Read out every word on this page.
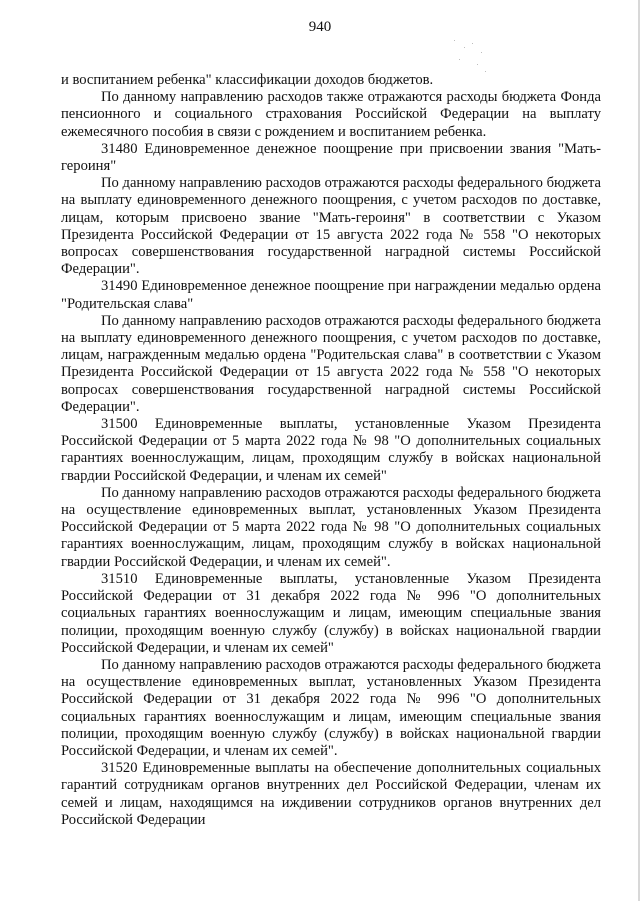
940

и воспитанием ребенка" классификации доходов бюджетов.

По данному направлению расходов также отражаются расходы бюджета Фонда пенсионного и социального страхования Российской Федерации на выплату ежемесячного пособия в связи с рождением и воспитанием ребенка.

31480 Единовременное денежное поощрение при присвоении звания "Мать-героиня"

По данному направлению расходов отражаются расходы федерального бюджета на выплату единовременного денежного поощрения, с учетом расходов по доставке, лицам, которым присвоено звание "Мать-героиня" в соответствии с Указом Президента Российской Федерации от 15 августа 2022 года № 558 "О некоторых вопросах совершенствования государственной наградной системы Российской Федерации".

31490 Единовременное денежное поощрение при награждении медалью ордена "Родительская слава"

По данному направлению расходов отражаются расходы федерального бюджета на выплату единовременного денежного поощрения, с учетом расходов по доставке, лицам, награжденным медалью ордена "Родительская слава" в соответствии с Указом Президента Российской Федерации от 15 августа 2022 года № 558 "О некоторых вопросах совершенствования государственной наградной системы Российской Федерации".

31500 Единовременные выплаты, установленные Указом Президента Российской Федерации от 5 марта 2022 года № 98 "О дополнительных социальных гарантиях военнослужащим, лицам, проходящим службу в войсках национальной гвардии Российской Федерации, и членам их семей"

По данному направлению расходов отражаются расходы федерального бюджета на осуществление единовременных выплат, установленных Указом Президента Российской Федерации от 5 марта 2022 года № 98 "О дополнительных социальных гарантиях военнослужащим, лицам, проходящим службу в войсках национальной гвардии Российской Федерации, и членам их семей".

31510 Единовременные выплаты, установленные Указом Президента Российской Федерации от 31 декабря 2022 года № 996 "О дополнительных социальных гарантиях военнослужащим и лицам, имеющим специальные звания полиции, проходящим военную службу (службу) в войсках национальной гвардии Российской Федерации, и членам их семей"

По данному направлению расходов отражаются расходы федерального бюджета на осуществление единовременных выплат, установленных Указом Президента Российской Федерации от 31 декабря 2022 года № 996 "О дополнительных социальных гарантиях военнослужащим и лицам, имеющим специальные звания полиции, проходящим военную службу (службу) в войсках национальной гвардии Российской Федерации, и членам их семей".

31520 Единовременные выплаты на обеспечение дополнительных социальных гарантий сотрудникам органов внутренних дел Российской Федерации, членам их семей и лицам, находящимся на иждивении сотрудников органов внутренних дел Российской Федерации
